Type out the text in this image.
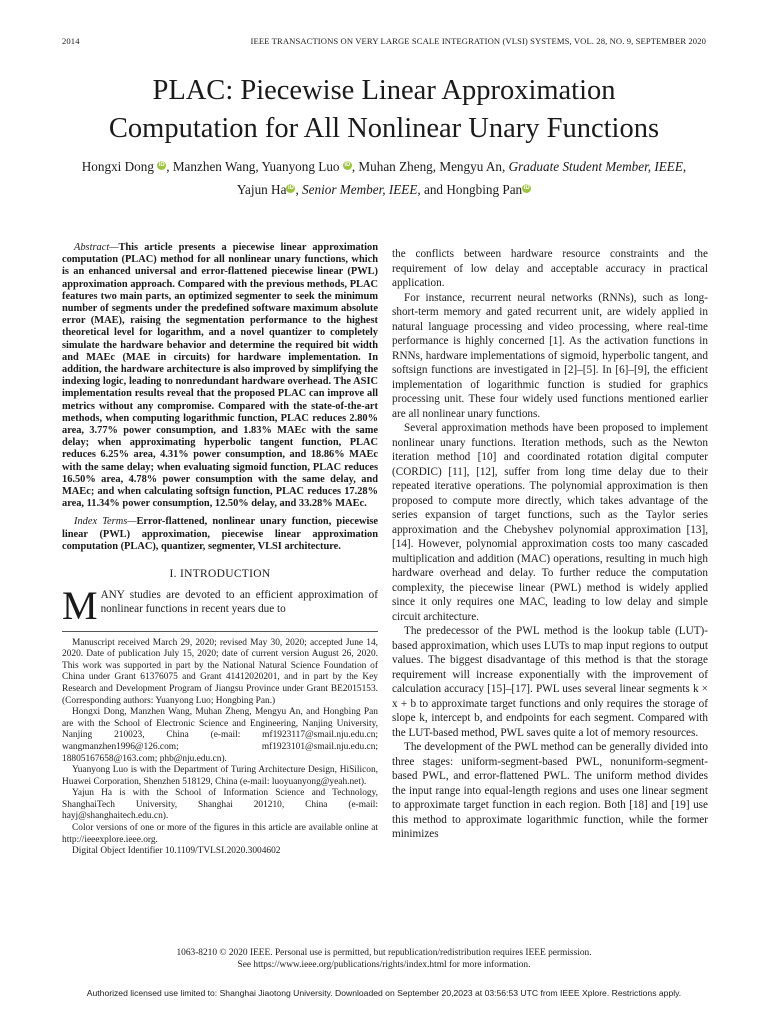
2014	IEEE TRANSACTIONS ON VERY LARGE SCALE INTEGRATION (VLSI) SYSTEMS, VOL. 28, NO. 9, SEPTEMBER 2020
PLAC: Piecewise Linear Approximation
Computation for All Nonlinear Unary Functions
Hongxi Dong iD , Manzhen Wang, Yuanyong Luo iD , Muhan Zheng, Mengyu An, Graduate Student Member, IEEE,
Yajun Ha iD , Senior Member, IEEE, and Hongbing Pan iD

Abstract—This article presents a piecewise linear approximation computation (PLAC) method for all nonlinear unary functions, which is an enhanced universal and error-flattened piecewise linear (PWL) approximation approach. Compared with the previous methods, PLAC features two main parts, an optimized segmenter to seek the minimum number of segments under the predefined software maximum absolute error (MAE), raising the segmentation performance to the highest theoretical level for logarithm, and a novel quantizer to completely simulate the hardware behavior and determine the required bit width and MAEc (MAE in circuits) for hardware implementation. In addition, the hardware architecture is also improved by simplifying the indexing logic, leading to nonredundant hardware overhead. The ASIC implementation results reveal that the proposed PLAC can improve all metrics without any compromise. Compared with the state-of-the-art methods, when computing logarithmic function, PLAC reduces 2.80% area, 3.77% power consumption, and 1.83% MAEc with the same delay; when approximating hyperbolic tangent function, PLAC reduces 6.25% area, 4.31% power consumption, and 18.86% MAEc with the same delay; when evaluating sigmoid function, PLAC reduces 16.50% area, 4.78% power consumption with the same delay, and MAEc; and when calculating softsign function, PLAC reduces 17.28% area, 11.34% power consumption, 12.50% delay, and 33.28% MAEc.

Index Terms—Error-flattened, nonlinear unary function, piecewise linear (PWL) approximation, piecewise linear approximation computation (PLAC), quantizer, segmenter, VLSI architecture.

I. INTRODUCTION

MANY studies are devoted to an efficient approximation of nonlinear functions in recent years due to

Manuscript received March 29, 2020; revised May 30, 2020; accepted June 14, 2020. Date of publication July 15, 2020; date of current version August 26, 2020. This work was supported in part by the National Natural Science Foundation of China under Grant 61376075 and Grant 41412020201, and in part by the Key Research and Development Program of Jiangsu Province under Grant BE2015153. (Corresponding authors: Yuanyong Luo; Hongbing Pan.)

Hongxi Dong, Manzhen Wang, Muhan Zheng, Mengyu An, and Hongbing Pan are with the School of Electronic Science and Engineering, Nanjing University, Nanjing 210023, China (e-mail: mf1923117@smail.nju.edu.cn; wangmanzhen1996@126.com; mf1923101@smail.nju.edu.cn; 18805167658@163.com; phb@nju.edu.cn).

Yuanyong Luo is with the Department of Turing Architecture Design, HiSilicon, Huawei Corporation, Shenzhen 518129, China (e-mail: luoyuanyong@yeah.net).

Yajun Ha is with the School of Information Science and Technology, ShanghaiTech University, Shanghai 201210, China (e-mail: hayj@shanghaitech.edu.cn).

Color versions of one or more of the figures in this article are available online at http://ieeexplore.ieee.org.

Digital Object Identifier 10.1109/TVLSI.2020.3004602

the conflicts between hardware resource constraints and the requirement of low delay and acceptable accuracy in practical application.

For instance, recurrent neural networks (RNNs), such as long-short-term memory and gated recurrent unit, are widely applied in natural language processing and video processing, where real-time performance is highly concerned [1]. As the activation functions in RNNs, hardware implementations of sigmoid, hyperbolic tangent, and softsign functions are investigated in [2]–[5]. In [6]–[9], the efficient implementation of logarithmic function is studied for graphics processing unit. These four widely used functions mentioned earlier are all nonlinear unary functions.

Several approximation methods have been proposed to implement nonlinear unary functions. Iteration methods, such as the Newton iteration method [10] and coordinated rotation digital computer (CORDIC) [11], [12], suffer from long time delay due to their repeated iterative operations. The polynomial approximation is then proposed to compute more directly, which takes advantage of the series expansion of target functions, such as the Taylor series approximation and the Chebyshev polynomial approximation [13], [14]. However, polynomial approximation costs too many cascaded multiplication and addition (MAC) operations, resulting in much high hardware overhead and delay. To further reduce the computation complexity, the piecewise linear (PWL) method is widely applied since it only requires one MAC, leading to low delay and simple circuit architecture.

The predecessor of the PWL method is the lookup table (LUT)-based approximation, which uses LUTs to map input regions to output values. The biggest disadvantage of this method is that the storage requirement will increase exponentially with the improvement of calculation accuracy [15]–[17]. PWL uses several linear segments k × x + b to approximate target functions and only requires the storage of slope k, intercept b, and endpoints for each segment. Compared with the LUT-based method, PWL saves quite a lot of memory resources.

The development of the PWL method can be generally divided into three stages: uniform-segment-based PWL, nonuniform-segment-based PWL, and error-flattened PWL. The uniform method divides the input range into equal-length regions and uses one linear segment to approximate target function in each region. Both [18] and [19] use this method to approximate logarithmic function, while the former minimizes

1063-8210 © 2020 IEEE. Personal use is permitted, but republication/redistribution requires IEEE permission.
See https://www.ieee.org/publications/rights/index.html for more information.
Authorized licensed use limited to: Shanghai Jiaotong University. Downloaded on September 20,2023 at 03:56:53 UTC from IEEE Xplore. Restrictions apply.
